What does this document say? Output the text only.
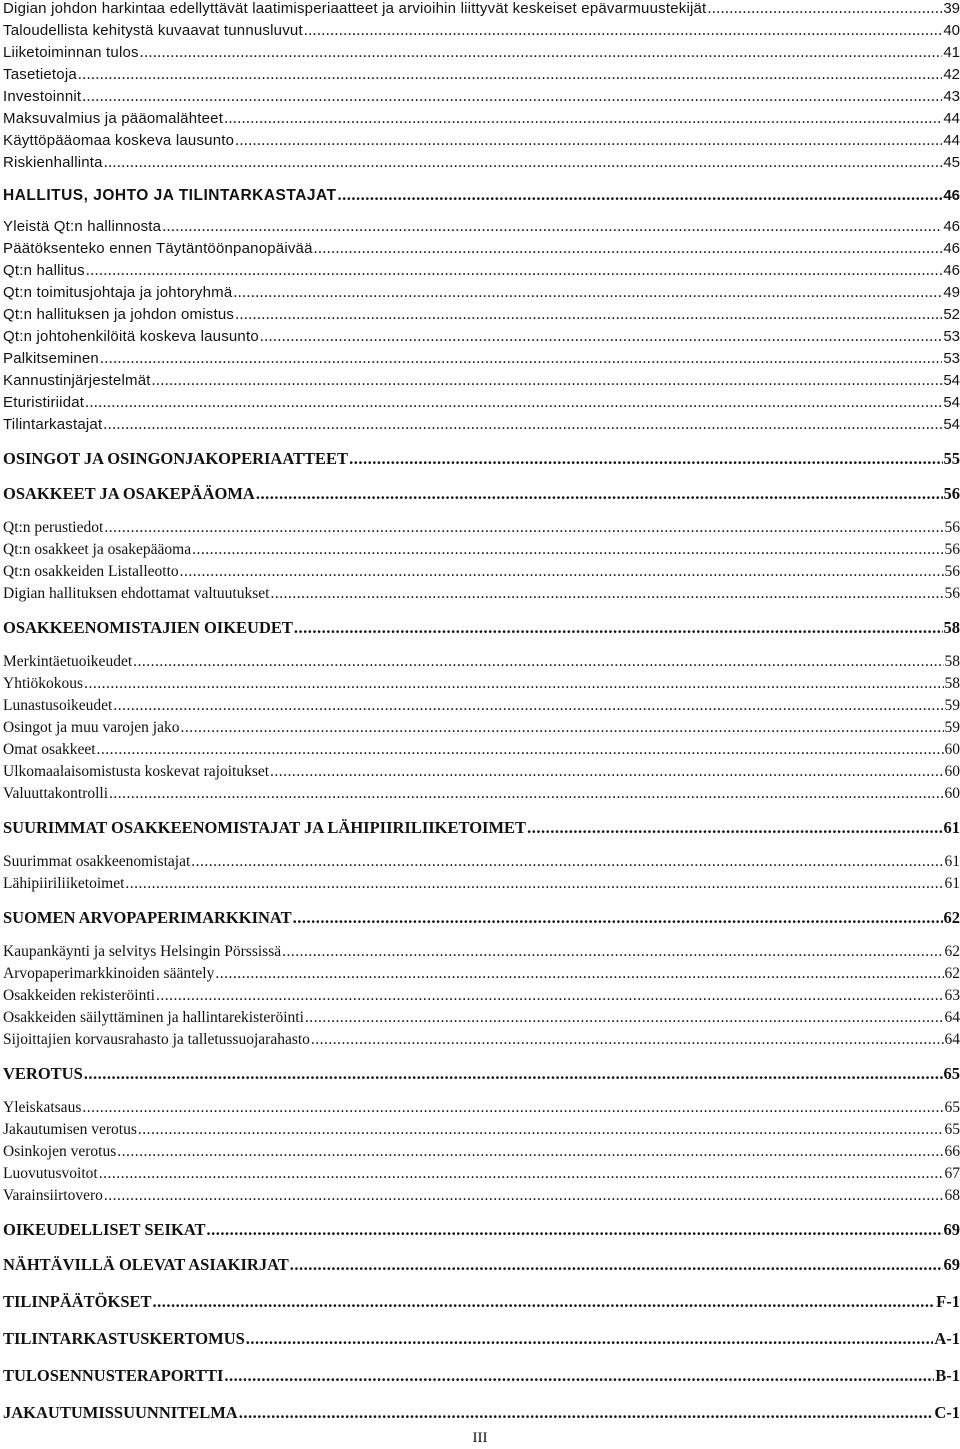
Digian johdon harkintaa edellyttävät laatimisperiaatteet ja arvioihin liittyvät keskeiset epävarmuustekijät .....	39
Taloudellista kehitystä kuvaavat tunnusluvut .....	40
Liiketoiminnan tulos .....	41
Tasetietoja .....	42
Investoinnit .....	43
Maksuvalmius ja pääomalähteet .....	44
Käyttöpääomaa koskeva lausunto .....	44
Riskienhallinta .....	45
HALLITUS, JOHTO JA TILINTARKASTAJAT .....	46
Yleistä Qt:n hallinnosta .....	46
Päätöksenteko ennen Täytäntöönpanopäivää .....	46
Qt:n hallitus .....	46
Qt:n toimitusjohtaja ja johtoryhmä .....	49
Qt:n hallituksen ja johdon omistus .....	52
Qt:n johtohenkilöitä koskeva lausunto .....	53
Palkitseminen .....	53
Kannustinjärjestelmät .....	54
Eturistiriidat .....	54
Tilintarkastajat .....	54
OSINGOT JA OSINGONJAKOPERIAATTEET .....	55
OSAKKEET JA OSAKEPÄÄOMA .....	56
Qt:n perustiedot .....	56
Qt:n osakkeet ja osakepääoma .....	56
Qt:n osakkeiden Listalleotto .....	56
Digian hallituksen ehdottamat valtuutukset .....	56
OSAKKEENOMISTAJIEN OIKEUDET .....	58
Merkintäetuoikeudet .....	58
Yhtiökokous .....	58
Lunastusoikeudet .....	59
Osingot ja muu varojen jako .....	59
Omat osakkeet .....	60
Ulkomaalaisomistusta koskevat rajoitukset .....	60
Valuuttakontrolli .....	60
SUURIMMAT OSAKKEENOMISTAJAT JA LÄHIPIIRILIIKETOIMET .....	61
Suurimmat osakkeenomistajat .....	61
Lähipiiriliiketoimet .....	61
SUOMEN ARVOPAPERIMARKKINAT .....	62
Kaupankäynti ja selvitys Helsingin Pörssissä .....	62
Arvopaperimarkkinoiden sääntely .....	62
Osakkeiden rekisteröinti .....	63
Osakkeiden säilyttäminen ja hallintarekisteröinti .....	64
Sijoittajien korvausrahasto ja talletussuojarahasto .....	64
VEROTUS .....	65
Yleiskatsaus .....	65
Jakautumisen verotus .....	65
Osinkojen verotus .....	66
Luovutusvoitot .....	67
Varainsiirtovero .....	68
OIKEUDELLISET SEIKAT .....	69
NÄHTÄVILLÄ OLEVAT ASIAKIRJAT .....	69
TILINPÄÄTÖKSET .....	F-1
TILINTARKASTUSKERTOMUS .....	A-1
TULOSENNUSTERAPORTTI .....	B-1
JAKAUTUMISSUUNNITELMA .....	C-1
III
